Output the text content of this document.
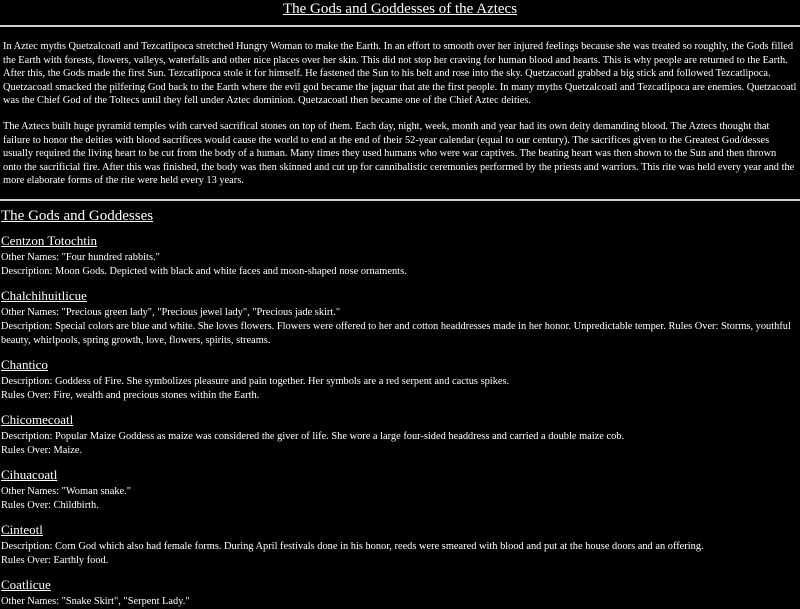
The Gods and Goddesses of the Aztecs

In Aztec myths Quetzalcoatl and Tezcatlipoca stretched Hungry Woman to make the Earth. In an effort to smooth over her injured feelings because she was treated so roughly, the Gods filled the Earth with forests, flowers, valleys, waterfalls and other nice places over her skin. This did not stop her craving for human blood and hearts. This is why people are returned to the Earth. After this, the Gods made the first Sun. Tezcatlipoca stole it for himself. He fastened the Sun to his belt and rose into the sky. Quetzacoatl grabbed a big stick and followed Tezcatlipoca. Quetzacoatl smacked the pilfering God back to the Earth where the evil god became the jaguar that ate the first people. In many myths Quetzalcoatl and Tezcatlipoca are enemies. Quetzacoatl was the Chief God of the Toltecs until they fell under Aztec dominion. Quetzacoatl then became one of the Chief Aztec deities.

The Aztecs built huge pyramid temples with carved sacrifical stones on top of them. Each day, night, week, month and year had its own deity demanding blood. The Aztecs thought that failure to honor the deities with blood sacrifices would cause the world to end at the end of their 52-year calendar (equal to our century). The sacrifices given to the Greatest God/desses usually required the living heart to be cut from the body of a human. Many times they used humans who were war captives. The beating heart was then shown to the Sun and then thrown onto the sacrificial fire. After this was finished, the body was then skinned and cut up for cannibalistic ceremonies performed by the priests and warriors. This rite was held every year and the more elaborate forms of the rite were held every 13 years.

The Gods and Goddesses
Centzon Totochtin
Other Names: "Four hundred rabbits."
Description: Moon Gods. Depicted with black and white faces and moon-shaped nose ornaments.
Chalchihuitlicue
Other Names: "Precious green lady", "Precious jewel lady", "Precious jade skirt."
Description: Special colors are blue and white. She loves flowers. Flowers were offered to her and cotton headdresses made in her honor. Unpredictable temper. Rules Over: Storms, youthful beauty, whirlpools, spring growth, love, flowers, spirits, streams.
Chantico
Description: Goddess of Fire. She symbolizes pleasure and pain together. Her symbols are a red serpent and cactus spikes.
Rules Over: Fire, wealth and precious stones within the Earth.
Chicomecoatl
Description: Popular Maize Goddess as maize was considered the giver of life. She wore a large four-sided headdress and carried a double maize cob.
Rules Over: Maize.
Cihuacoatl
Other Names: "Woman snake."
Rules Over: Childbirth.
Cinteotl
Description: Corn God which also had female forms. During April festivals done in his honor, reeds were smeared with blood and put at the house doors and an offering.
Rules Over: Earthly food.
Coatlicue
Other Names: "Snake Skirt", "Serpent Lady."
